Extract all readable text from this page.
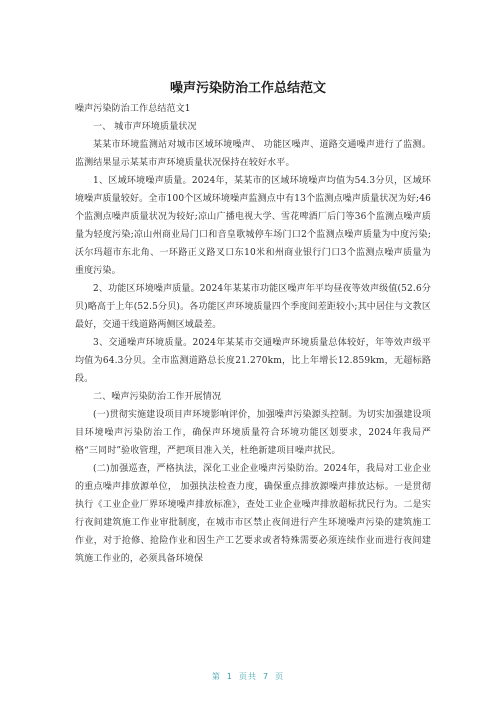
噪声污染防治工作总结范文

噪声污染防治工作总结范文1

一、 城市声环境质量状况

某某市环境监测站对城市区域环境噪声、 功能区噪声、道路交通噪声进行了监测。监测结果显示某某市声环境质量状况保持在较好水平。

1、区域环境噪声质量。2024年，某某市的区域环境噪声均值为54.3分贝，区域环境噪声质量较好。全市100个区域环境噪声监测点中有13个监测点噪声质量状况为好;46个监测点噪声质量状况为较好;凉山广播电视大学、雪花啤酒厂后门等36个监测点噪声质量为轻度污染;凉山州商业局门口和音皇歌城停车场门口2个监测点噪声质量为中度污染;沃尔玛超市东北角、一环路正义路叉口东10米和州商业银行门口3个监测点噪声质量为重度污染。

2、功能区环境噪声质量。2024年某某市功能区噪声年平均昼夜等效声级值(52.6分贝)略高于上年(52.5分贝)。各功能区声环境质量四个季度间差距较小;其中居住与文教区最好，交通干线道路两侧区域最差。

3、交通噪声环境质量。2024年某某市交通噪声环境质量总体较好，年等效声级平均值为64.3分贝。全市监测道路总长度21.270km，比上年增长12.859km，无超标路段。

二、噪声污染防治工作开展情况

(一)贯彻实施建设项目声环境影响评价，加强噪声污染源头控制。为切实加强建设项目环境噪声污染防治工作，确保声环境质量符合环境功能区划要求，2024年我局严格“三同时”验收管理，严把项目准入关，杜绝新建项目噪声扰民。

(二)加强巡查，严格执法，深化工业企业噪声污染防治。2024年，我局对工业企业的重点噪声排放源单位， 加强执法检查力度，确保重点排放源噪声排放达标。一是贯彻执行《工业企业厂界环境噪声排放标准》，查处工业企业噪声排放超标扰民行为。二是实行夜间建筑施工作业审批制度，在城市市区禁止夜间进行产生环境噪声污染的建筑施工作业，对于抢修、抢险作业和因生产工艺要求或者特殊需要必须连续作业而进行夜间建筑施工作业的，必须具备环境保

第 1 页共 7 页
